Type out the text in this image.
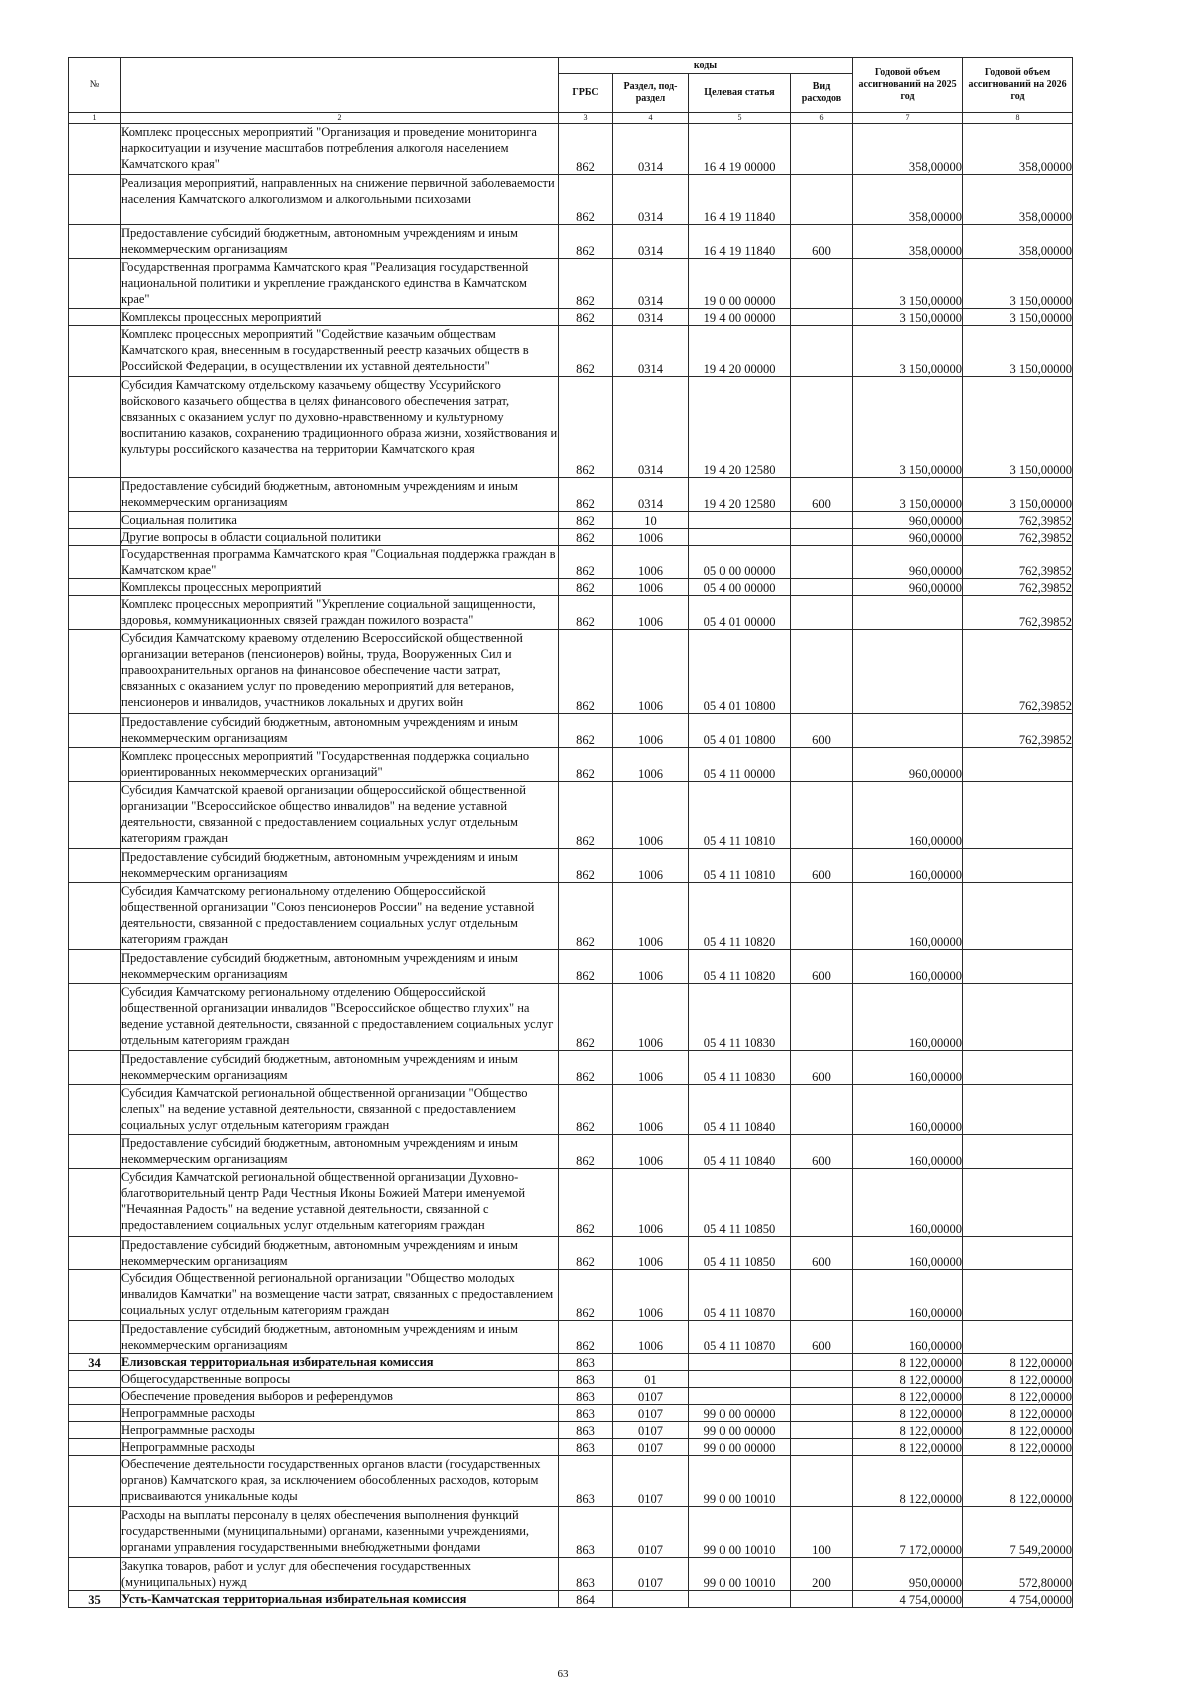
№		коды				Годовой объем ассигнований на 2025 год	Годовой объем ассигнований на 2026 год
		ГРБС	Раздел, под-раздел	Целевая статья	Вид расходов		
1	2	3	4	5	6	7	8
	Комплекс процессных мероприятий "Организация и проведение мониторинга наркоситуации и изучение масштабов потребления алкоголя населением Камчатского края"	862	0314	16 4 19 00000		358,00000	358,00000
	Реализация мероприятий, направленных на снижение первичной заболеваемости населения Камчатского алкоголизмом и алкогольными психозами	862	0314	16 4 19 11840		358,00000	358,00000
	Предоставление субсидий бюджетным, автономным учреждениям и иным некоммерческим организациям	862	0314	16 4 19 11840	600	358,00000	358,00000
	Государственная программа Камчатского края "Реализация государственной национальной политики и укрепление гражданского единства в Камчатском крае"	862	0314	19 0 00 00000		3 150,00000	3 150,00000
	Комплексы процессных мероприятий	862	0314	19 4 00 00000		3 150,00000	3 150,00000
	Комплекс процессных мероприятий "Содействие казачьим обществам Камчатского края, внесенным в государственный реестр казачьих обществ в Российской Федерации, в осуществлении их уставной деятельности"	862	0314	19 4 20 00000		3 150,00000	3 150,00000
	Субсидия Камчатскому отдельскому казачьему обществу Уссурийского войскового казачьего общества в целях финансового обеспечения затрат, связанных с оказанием услуг по духовно-нравственному и культурному воспитанию казаков, сохранению традиционного образа жизни, хозяйствования и культуры российского казачества на территории Камчатского края	862	0314	19 4 20 12580		3 150,00000	3 150,00000
	Предоставление субсидий бюджетным, автономным учреждениям и иным некоммерческим организациям	862	0314	19 4 20 12580	600	3 150,00000	3 150,00000
	Социальная политика	862	10			960,00000	762,39852
	Другие вопросы в области социальной политики	862	1006			960,00000	762,39852
	Государственная программа Камчатского края "Социальная поддержка граждан в Камчатском крае"	862	1006	05 0 00 00000		960,00000	762,39852
	Комплексы процессных мероприятий	862	1006	05 4 00 00000		960,00000	762,39852
	Комплекс процессных мероприятий "Укрепление социальной защищенности, здоровья, коммуникационных связей граждан пожилого возраста"	862	1006	05 4 01 00000			762,39852
	Субсидия Камчатскому краевому отделению Всероссийской общественной организации ветеранов (пенсионеров) войны, труда, Вооруженных Сил и правоохранительных органов на финансовое обеспечение части затрат, связанных с оказанием услуг по проведению мероприятий для ветеранов, пенсионеров и инвалидов, участников локальных и других войн	862	1006	05 4 01 10800			762,39852
	Предоставление субсидий бюджетным, автономным учреждениям и иным некоммерческим организациям	862	1006	05 4 01 10800	600		762,39852
	Комплекс процессных мероприятий "Государственная поддержка социально ориентированных некоммерческих организаций"	862	1006	05 4 11 00000		960,00000	
	Субсидия Камчатской краевой организации общероссийской общественной организации "Всероссийское общество инвалидов" на ведение уставной деятельности, связанной с предоставлением социальных услуг отдельным категориям граждан	862	1006	05 4 11 10810		160,00000	
	Предоставление субсидий бюджетным, автономным учреждениям и иным некоммерческим организациям	862	1006	05 4 11 10810	600	160,00000	
	Субсидия Камчатскому региональному отделению Общероссийской общественной организации "Союз пенсионеров России" на ведение уставной деятельности, связанной с предоставлением социальных услуг отдельным категориям граждан	862	1006	05 4 11 10820		160,00000	
	Предоставление субсидий бюджетным, автономным учреждениям и иным некоммерческим организациям	862	1006	05 4 11 10820	600	160,00000	
	Субсидия Камчатскому региональному отделению Общероссийской общественной организации инвалидов "Всероссийское общество глухих" на ведение уставной деятельности, связанной с предоставлением социальных услуг отдельным категориям граждан	862	1006	05 4 11 10830		160,00000	
	Предоставление субсидий бюджетным, автономным учреждениям и иным некоммерческим организациям	862	1006	05 4 11 10830	600	160,00000	
	Субсидия Камчатской региональной общественной организации "Общество слепых" на ведение уставной деятельности, связанной с предоставлением социальных услуг отдельным категориям граждан	862	1006	05 4 11 10840		160,00000	
	Предоставление субсидий бюджетным, автономным учреждениям и иным некоммерческим организациям	862	1006	05 4 11 10840	600	160,00000	
	Субсидия Камчатской региональной общественной организации Духовно-благотворительный центр Ради Честныя Иконы Божией Матери именуемой "Нечаянная Радость" на ведение уставной деятельности, связанной с предоставлением социальных услуг отдельным категориям граждан	862	1006	05 4 11 10850		160,00000	
	Предоставление субсидий бюджетным, автономным учреждениям и иным некоммерческим организациям	862	1006	05 4 11 10850	600	160,00000	
	Субсидия Общественной региональной организации "Общество молодых инвалидов Камчатки" на возмещение части затрат, связанных с предоставлением социальных услуг отдельным категориям граждан	862	1006	05 4 11 10870		160,00000	
	Предоставление субсидий бюджетным, автономным учреждениям и иным некоммерческим организациям	862	1006	05 4 11 10870	600	160,00000	
34	Елизовская территориальная избирательная комиссия	863				8 122,00000	8 122,00000
	Общегосударственные вопросы	863	01			8 122,00000	8 122,00000
	Обеспечение проведения выборов и референдумов	863	0107			8 122,00000	8 122,00000
	Непрограммные расходы	863	0107	99 0 00 00000		8 122,00000	8 122,00000
	Непрограммные расходы	863	0107	99 0 00 00000		8 122,00000	8 122,00000
	Непрограммные расходы	863	0107	99 0 00 00000		8 122,00000	8 122,00000
	Обеспечение деятельности государственных органов власти (государственных органов) Камчатского края, за исключением обособленных расходов, которым присваиваются уникальные коды	863	0107	99 0 00 10010		8 122,00000	8 122,00000
	Расходы на выплаты персоналу в целях обеспечения выполнения функций государственными (муниципальными) органами, казенными учреждениями, органами управления государственными внебюджетными фондами	863	0107	99 0 00 10010	100	7 172,00000	7 549,20000
	Закупка товаров, работ и услуг для обеспечения государственных (муниципальных) нужд	863	0107	99 0 00 10010	200	950,00000	572,80000
35	Усть-Камчатская территориальная избирательная комиссия	864				4 754,00000	4 754,00000
63
